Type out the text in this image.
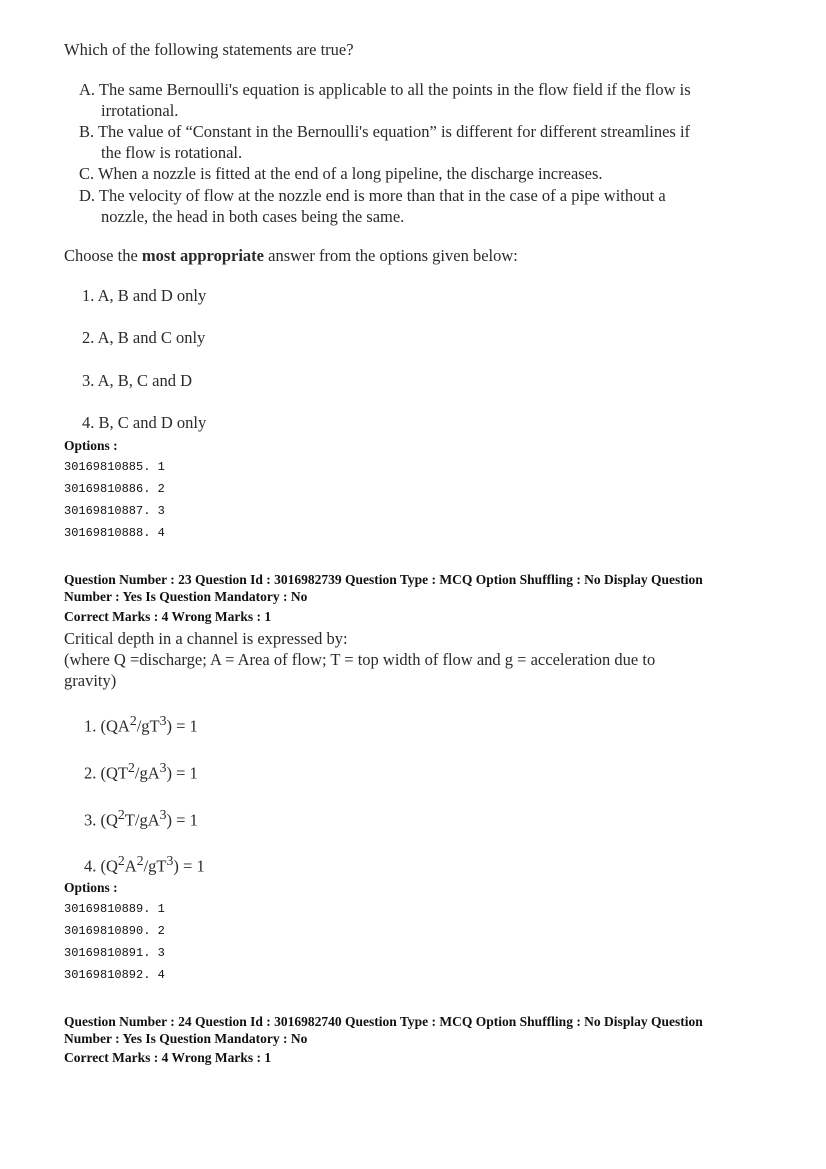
Which of the following statements are true?
A. The same Bernoulli's equation is applicable to all the points in the flow field if the flow is
irrotational.
B. The value of “Constant in the Bernoulli's equation” is different for different streamlines if
the flow is rotational.
C. When a nozzle is fitted at the end of a long pipeline, the discharge increases.
D. The velocity of flow at the nozzle end is more than that in the case of a pipe without a
nozzle, the head in both cases being the same.
Choose the most appropriate answer from the options given below:
1. A, B and D only
2. A, B and C only
3. A, B, C and D
4. B, C and D only
Options :
30169810885. 1
30169810886. 2
30169810887. 3
30169810888. 4
Question Number : 23 Question Id : 3016982739 Question Type : MCQ Option Shuffling : No Display Question
Number : Yes Is Question Mandatory : No
Correct Marks : 4 Wrong Marks : 1
Critical depth in a channel is expressed by:
(where Q =discharge; A = Area of flow; T = top width of flow and g = acceleration due to
gravity)
1. $(QA^2/gT^3) = 1$
2. $(QT^2/gA^3) = 1$
3. $(Q^2T/gA^3) = 1$
4. $(Q^2A^2/gT^3) = 1$
Options :
30169810889. 1
30169810890. 2
30169810891. 3
30169810892. 4
Question Number : 24 Question Id : 3016982740 Question Type : MCQ Option Shuffling : No Display Question
Number : Yes Is Question Mandatory : No
Correct Marks : 4 Wrong Marks : 1
